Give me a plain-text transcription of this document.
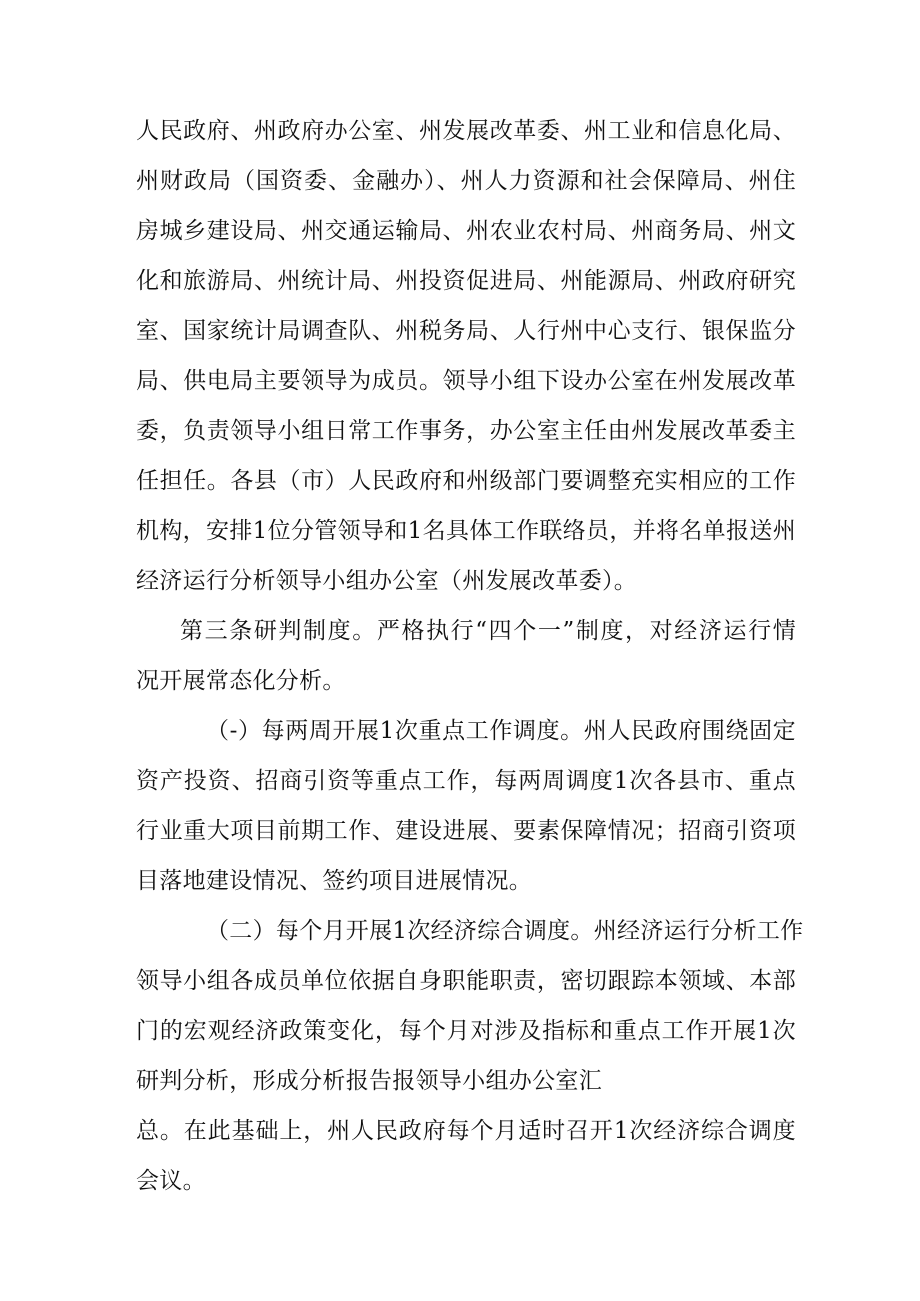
人民政府、州政府办公室、州发展改革委、州工业和信息化局、
州财政局（国资委、金融办）、州人力资源和社会保障局、州住
房城乡建设局、州交通运输局、州农业农村局、州商务局、州文
化和旅游局、州统计局、州投资促进局、州能源局、州政府研究
室、国家统计局调查队、州税务局、人行州中心支行、银保监分
局、供电局主要领导为成员。领导小组下设办公室在州发展改革
委，负责领导小组日常工作事务，办公室主任由州发展改革委主
任担任。各县（市）人民政府和州级部门要调整充实相应的工作
机构，安排1位分管领导和1名具体工作联络员，并将名单报送州
经济运行分析领导小组办公室（州发展改革委）。
第三条研判制度。严格执行“四个一”制度，对经济运行情
况开展常态化分析。
（-）每两周开展1次重点工作调度。州人民政府围绕固定
资产投资、招商引资等重点工作，每两周调度1次各县市、重点
行业重大项目前期工作、建设进展、要素保障情况；招商引资项
目落地建设情况、签约项目进展情况。
（二）每个月开展1次经济综合调度。州经济运行分析工作
领导小组各成员单位依据自身职能职责，密切跟踪本领域、本部
门的宏观经济政策变化，每个月对涉及指标和重点工作开展1次
研判分析，形成分析报告报领导小组办公室汇
总。在此基础上，州人民政府每个月适时召开1次经济综合调度
会议。
